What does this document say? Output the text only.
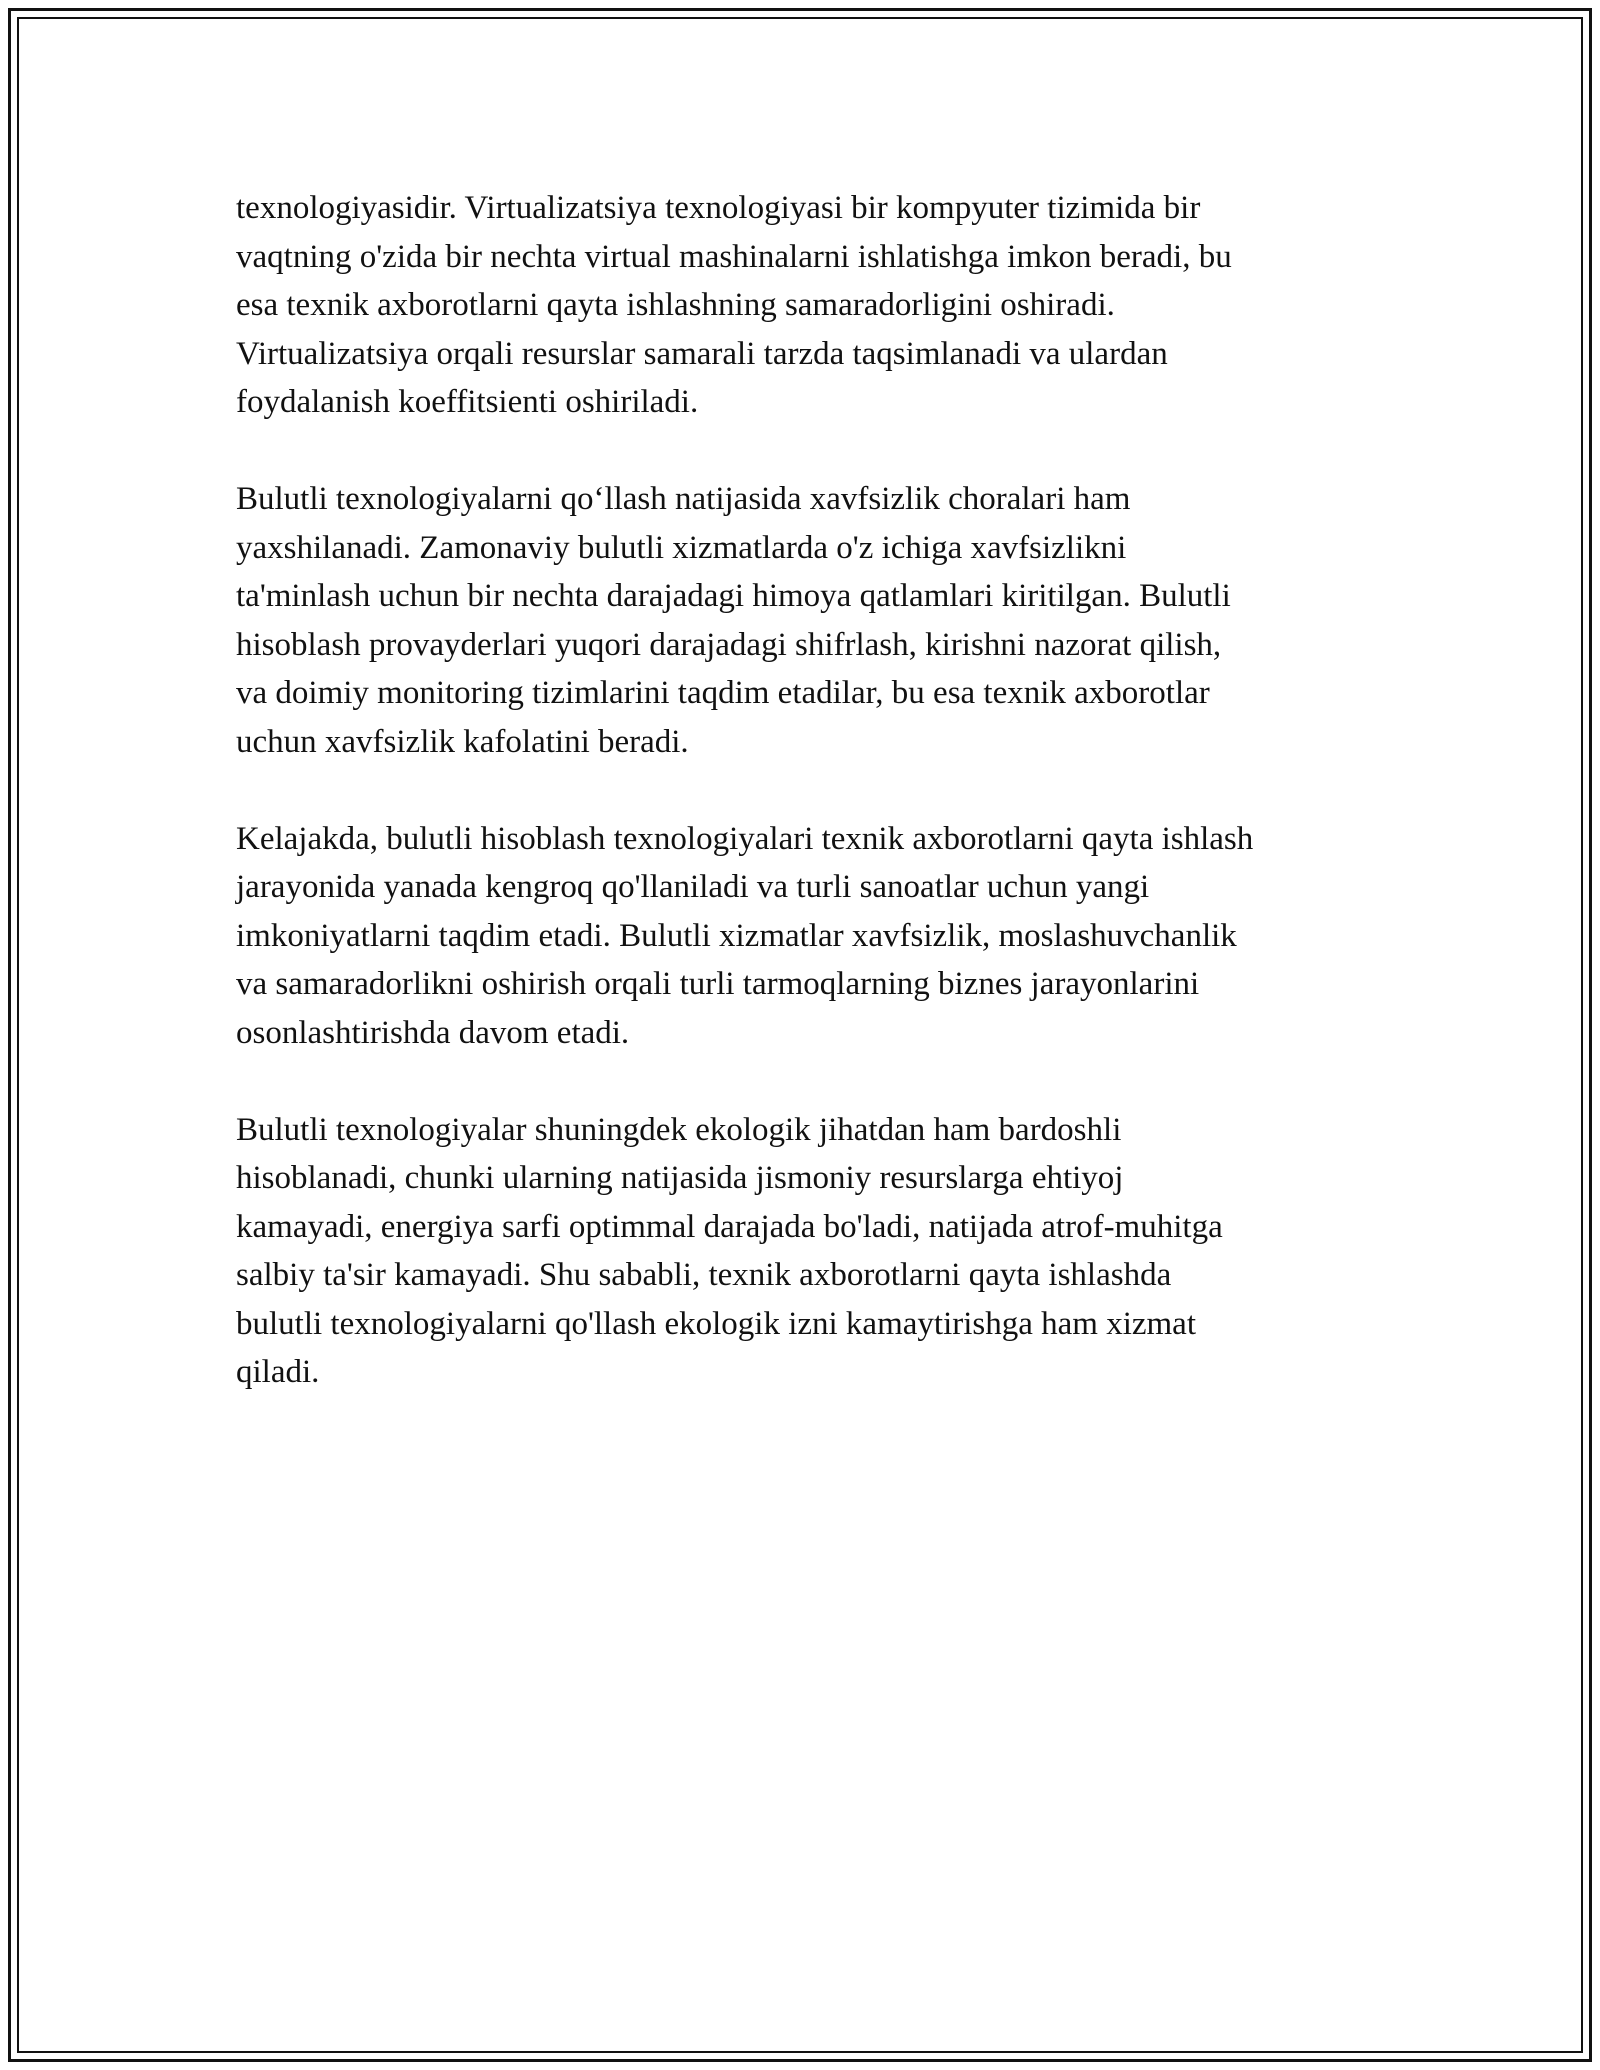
texnologiyasidir. Virtualizatsiya texnologiyasi bir kompyuter tizimida bir
vaqtning o'zida bir nechta virtual mashinalarni ishlatishga imkon beradi, bu
esa texnik axborotlarni qayta ishlashning samaradorligini oshiradi.
Virtualizatsiya orqali resurslar samarali tarzda taqsimlanadi va ulardan
foydalanish koeffitsienti oshiriladi.

Bulutli texnologiyalarni qo‘llash natijasida xavfsizlik choralari ham
yaxshilanadi. Zamonaviy bulutli xizmatlarda o'z ichiga xavfsizlikni
ta'minlash uchun bir nechta darajadagi himoya qatlamlari kiritilgan. Bulutli
hisoblash provayderlari yuqori darajadagi shifrlash, kirishni nazorat qilish,
va doimiy monitoring tizimlarini taqdim etadilar, bu esa texnik axborotlar
uchun xavfsizlik kafolatini beradi.

Kelajakda, bulutli hisoblash texnologiyalari texnik axborotlarni qayta ishlash
jarayonida yanada kengroq qo'llaniladi va turli sanoatlar uchun yangi
imkoniyatlarni taqdim etadi. Bulutli xizmatlar xavfsizlik, moslashuvchanlik
va samaradorlikni oshirish orqali turli tarmoqlarning biznes jarayonlarini
osonlashtirishda davom etadi.

Bulutli texnologiyalar shuningdek ekologik jihatdan ham bardoshli
hisoblanadi, chunki ularning natijasida jismoniy resurslarga ehtiyoj
kamayadi, energiya sarfi optimmal darajada bo'ladi, natijada atrof-muhitga
salbiy ta'sir kamayadi. Shu sababli, texnik axborotlarni qayta ishlashda
bulutli texnologiyalarni qo'llash ekologik izni kamaytirishga ham xizmat
qiladi.
